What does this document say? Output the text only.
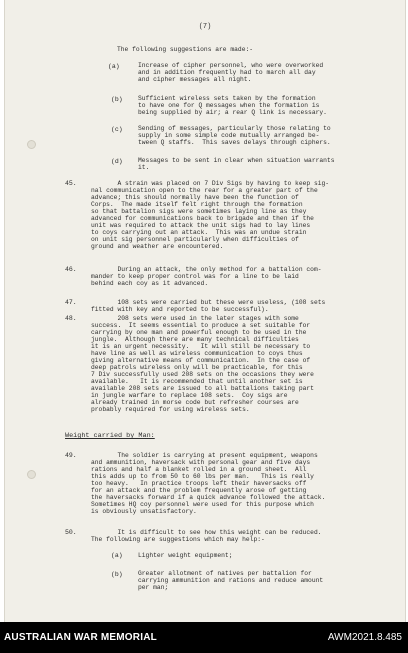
(7)
The following suggestions are made:-
(a)	Increase of cipher personnel, who were overworked
and in addition frequently had to march all day
and cipher messages all night.
(b) Sufficient wireless sets taken by the formation
to have one for Q messages when the formation is
being supplied by air; a rear Q link is necessary.
(c) Sending of messages, particularly those relating to
supply in some simple code mutually arranged be-
tween Q staffs.  This saves delays through ciphers.
(d) Messages to be sent in clear when situation warrants
it.
45. A strain was placed on 7 Div Sigs by having to keep sig-
nal communication open to the rear for a greater part of the
advance; this should normally have been the function of
Corps.  The made itself felt right through the formation
so that battalion sigs were sometimes laying line as they
advanced for communications back to brigade and then if the
unit was required to attack the unit sigs had to lay lines
to coys carrying out an attack.  This was an undue strain
on unit sig personnel particularly when difficulties of
ground and weather are encountered.
46. During an attack, the only method for a battalion com-
mander to keep proper control was for a line to be laid
behind each coy as it advanced.
47. 108 sets were carried but these were useless, (108 sets
fitted with key and reported to be successful).
48. 208 sets were used in the later stages with some
success.  It seems essential to produce a set suitable for
carrying by one man and powerful enough to be used in the
jungle.  Although there are many technical difficulties
it is an urgent necessity.   It will still be necessary to
have line as well as wireless communication to coys thus
giving alternative means of communication.  In the case of
deep patrols wireless only will be practicable, for this
7 Div successfully used 208 sets on the occasions they were
available.   It is recommended that until another set is
available 208 sets are issued to all battalions taking part
in jungle warfare to replace 108 sets.  Coy sigs are
already trained in morse code but refresher courses are
probably required for using wireless sets.
Weight carried by Man:
49. The soldier is carrying at present equipment, weapons
and ammunition, haversack with personal gear and five days
rations and half a blanket rolled in a ground sheet.  All
this adds up to from 50 to 60 lbs per man.   This is really
too heavy.   In practice troops left their haversacks off
for an attack and the problem frequently arose of getting
the haversacks forward if a quick advance followed the attack.
Sometimes HQ coy personnel were used for this purpose which
is obviously unsatisfactory.
50. It is difficult to see how this weight can be reduced.
The following are suggestions which may help:-
(a) Lighter weight equipment;
(b) Greater allotment of natives per battalion for
carrying ammunition and rations and reduce amount
per man;
AUSTRALIAN WAR MEMORIAL	AWM2021.8.485
